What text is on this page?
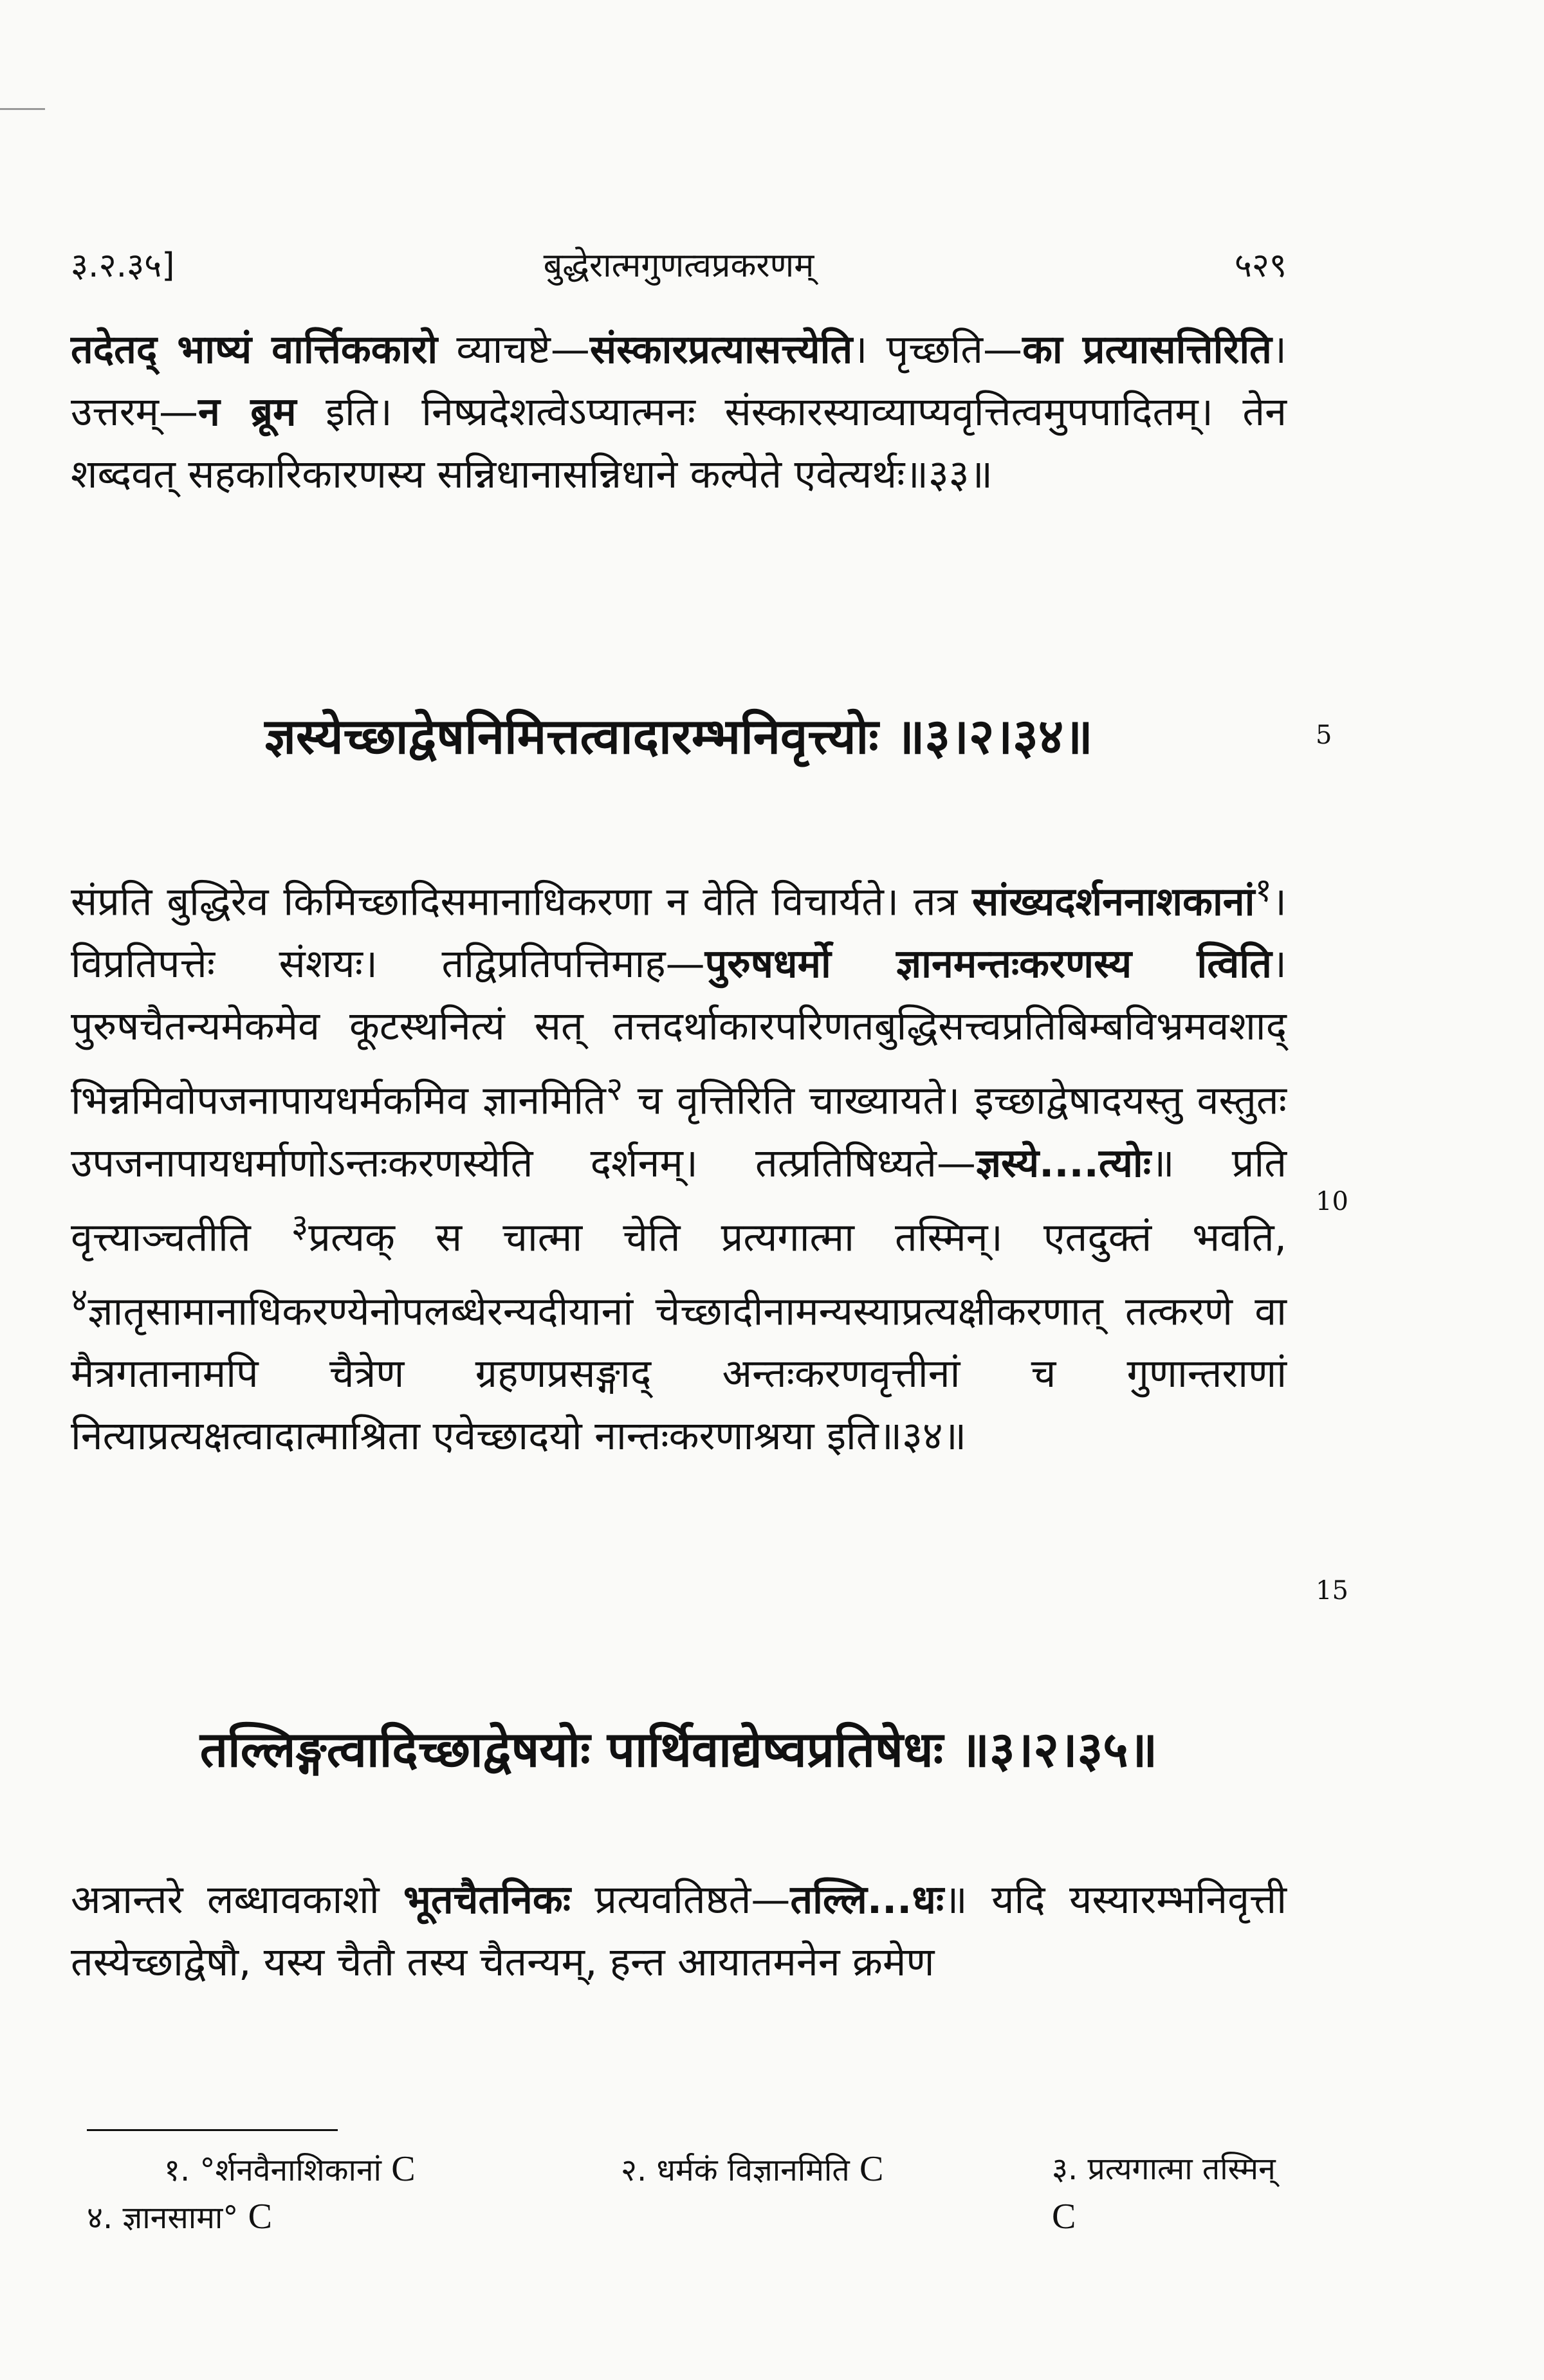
३.२.३५]	बुद्धेरात्मगुणत्वप्रकरणम्	५२९
तदेतद् भाष्यं वार्त्तिककारो व्याचष्टे—संस्कारप्रत्यासत्त्येति। पृच्छति—का प्रत्यासत्तिरिति। उत्तरम्—न ब्रूम इति। निष्प्रदेशत्वेऽप्यात्मनः संस्कारस्याव्याप्यवृत्तित्वमुपपादितम्। तेन शब्दवत् सहकारिकारणस्य सन्निधानासन्निधाने कल्पेते एवेत्यर्थः॥३३॥
ज्ञस्येच्छाद्वेषनिमित्तत्वादारम्भनिवृत्त्योः ॥३।२।३४॥	5
संप्रति बुद्धिरेव किमिच्छादिसमानाधिकरणा न वेति विचार्यते। तत्र सांख्यदर्शननाशकानां$^१$। विप्रतिपत्तेः संशयः। तद्विप्रतिपत्तिमाह—पुरुषधर्मो ज्ञानमन्तःकरणस्य त्विति। पुरुषचैतन्यमेकमेव कूटस्थनित्यं सत् तत्तदर्थाकारपरिणतबुद्धिसत्त्वप्रतिबिम्बविभ्रमवशाद् भिन्नमिवोपजनापायधर्मकमिव ज्ञानमिति$^२$ च वृत्तिरिति चाख्यायते। इच्छाद्वेषादयस्तु वस्तुतः उपजनापायधर्माणोऽन्तःकरणस्येति दर्शनम्। तत्प्रतिषिध्यते—ज्ञस्ये....त्योः॥ प्रति वृत्त्याञ्चतीति $^३$प्रत्यक् स चात्मा चेति प्रत्यगात्मा तस्मिन्। एतदुक्तं भवति, $^४$ज्ञातृसामानाधिकरण्येनोपलब्धेरन्यदीयानां चेच्छादीनामन्यस्याप्रत्यक्षीकरणात् तत्करणे वा मैत्रगतानामपि चैत्रेण ग्रहणप्रसङ्गाद् अन्तःकरणवृत्तीनां च गुणान्तराणां नित्याप्रत्यक्षत्वादात्माश्रिता एवेच्छादयो नान्तःकरणाश्रया इति॥३४॥
10
15
तल्लिङ्गत्वादिच्छाद्वेषयोः पार्थिवाद्येष्वप्रतिषेधः ॥३।२।३५॥
अत्रान्तरे लब्धावकाशो भूतचैतनिकः प्रत्यवतिष्ठते—तल्लि...धः॥ यदि यस्यारम्भनिवृत्ती तस्येच्छाद्वेषौ, यस्य चैतौ तस्य चैतन्यम्, हन्त आयातमनेन क्रमेण
१. °र्शनवैनाशिकानां C	२. धर्मकं विज्ञानमिति C	३. प्रत्यगात्मा तस्मिन् C
४. ज्ञानसामा° C
